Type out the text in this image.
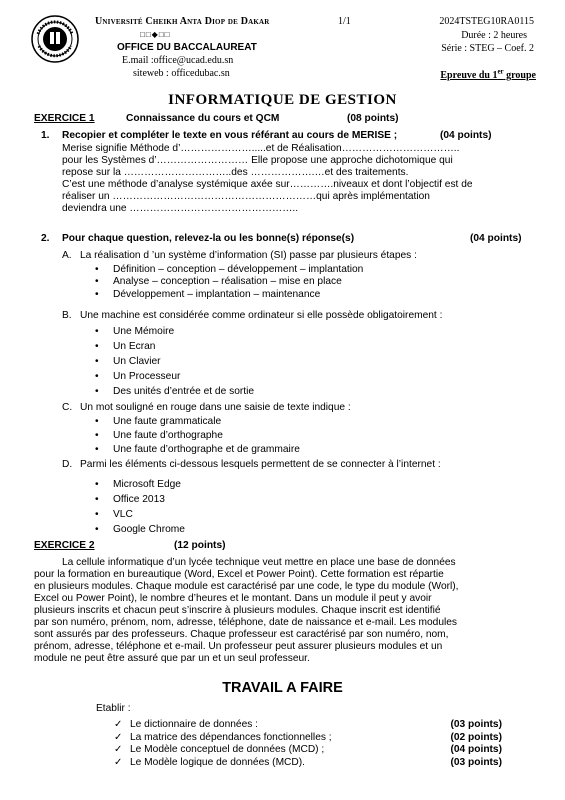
Université Cheikh Anta Diop de Dakar	1/1
□□◆□□
OFFICE DU BACCALAUREAT
E.mail :office@ucad.edu.sn
siteweb : officedubac.sn
2024TSTEG10RA0115
Durée : 2 heures
Série : STEG – Coef. 2
Epreuve du 1er groupe
INFORMATIQUE DE GESTION
EXERCICE 1	Connaissance du cours et QCM	(08 points)
1. Recopier et compléter le texte en vous référant au cours de MERISE ;	(04 points)
Merise signifie Méthode d’………………….....et de Réalisation……………………………..
pour les Systèmes d’……………………… Elle propose une approche dichotomique qui
repose sur la …………………………..des ……………….…et des traitements.
C’est une méthode d’analyse systémique axée sur………….niveaux et dont l’objectif est de
réaliser un ……………………………………………………qui après implémentation
deviendra une …………………………………………..
2. Pour chaque question, relevez-la ou les bonne(s) réponse(s)	(04 points)
A. La réalisation d ’un système d’information (SI) passe par plusieurs étapes :
• Définition – conception – développement – implantation
• Analyse – conception – réalisation – mise en place
• Développement – implantation – maintenance
B. Une machine est considérée comme ordinateur si elle possède obligatoirement :
• Une Mémoire
• Un Ecran
• Un Clavier
• Un Processeur
• Des unités d’entrée et de sortie
C. Un mot souligné en rouge dans une saisie de texte indique :
• Une faute grammaticale
• Une faute d’orthographe
• Une faute d’orthographe et de grammaire
D. Parmi les éléments ci-dessous lesquels permettent de se connecter à l’internet :
• Microsoft Edge
• Office 2013
• VLC
• Google Chrome
EXERCICE 2	(12 points)
La cellule informatique d’un lycée technique veut mettre en place une base de données
pour la formation en bureautique (Word, Excel et Power Point). Cette formation est répartie
en plusieurs modules. Chaque module est caractérisé par une code, le type du module (Worl),
Excel ou Power Point), le nombre d’heures et le montant. Dans un module il peut y avoir
plusieurs inscrits et chacun peut s’inscrire à plusieurs modules. Chaque inscrit est identifié
par son numéro, prénom, nom, adresse, téléphone, date de naissance et e-mail. Les modules
sont assurés par des professeurs. Chaque professeur est caractérisé par son numéro, nom,
prénom, adresse, téléphone et e-mail. Un professeur peut assurer plusieurs modules et un
module ne peut être assuré que par un et un seul professeur.
TRAVAIL A FAIRE
Etablir :
✓ Le dictionnaire de données :	(03 points)
✓ La matrice des dépendances fonctionnelles ;	(02 points)
✓ Le Modèle conceptuel de données (MCD) ;	(04 points)
✓ Le Modèle logique de données (MCD).	(03 points)
